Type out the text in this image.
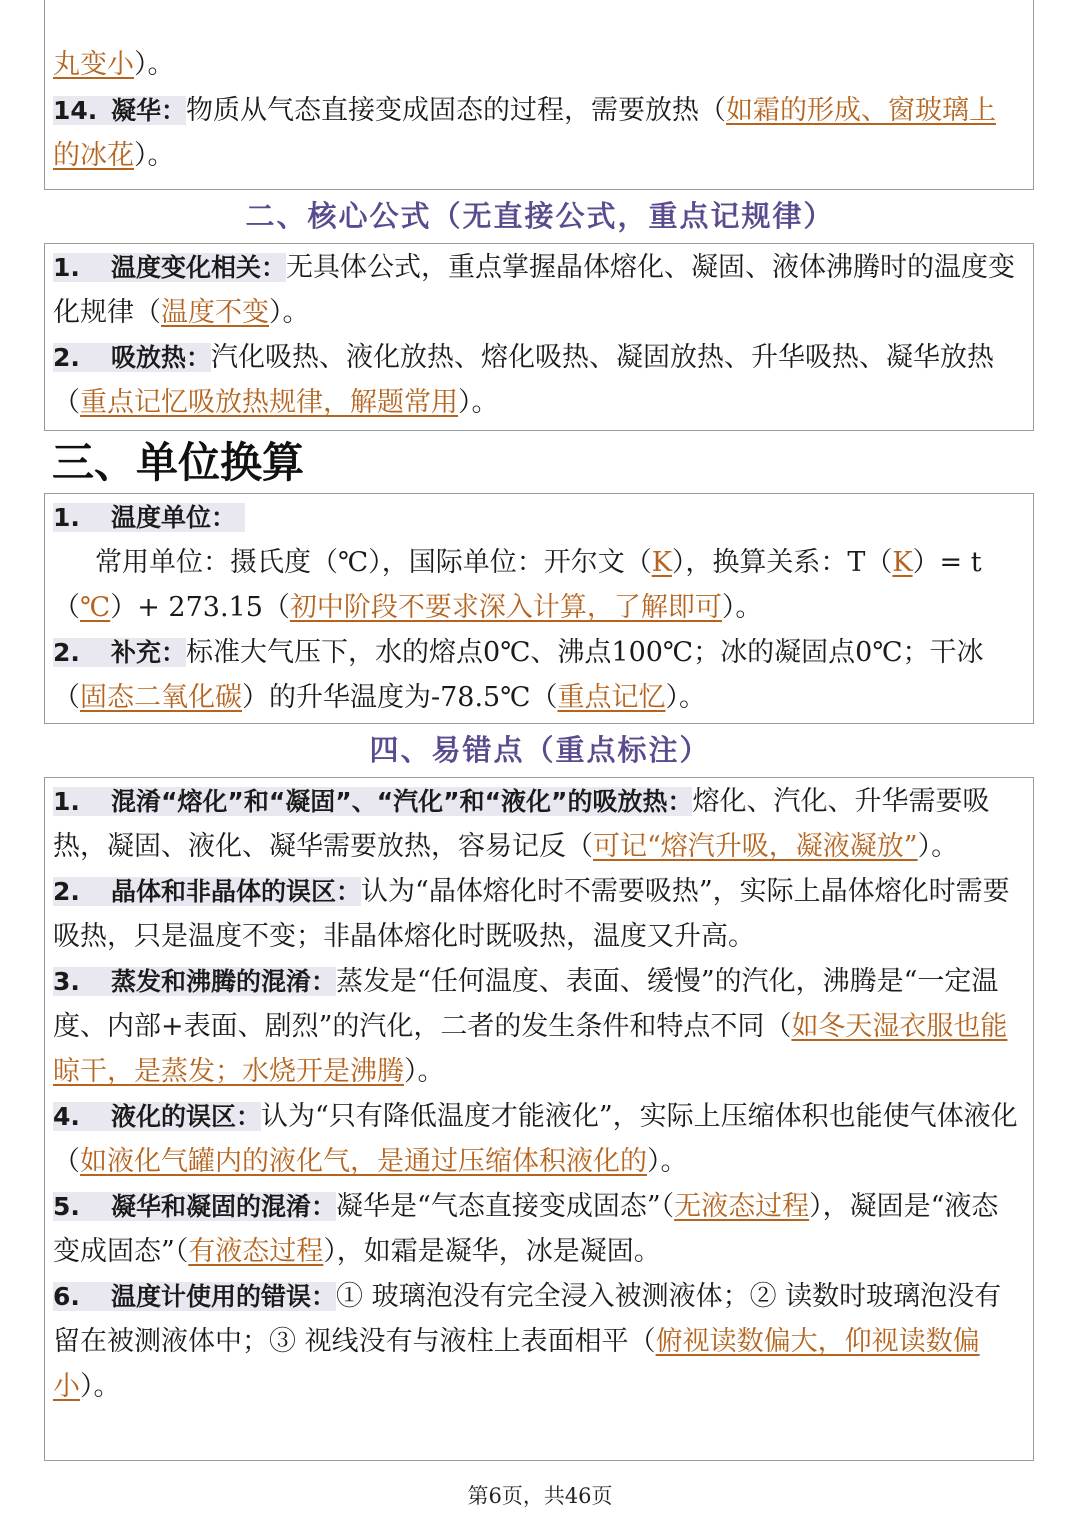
丸变小）。

14. 凝华：物质从气态直接变成固态的过程，需要放热（如霜的形成、窗玻璃上的冰花）。

二、核心公式（无直接公式，重点记规律）

1. 温度变化相关：无具体公式，重点掌握晶体熔化、凝固、液体沸腾时的温度变化规律（温度不变）。

2. 吸放热：汽化吸热、液化放热、熔化吸热、凝固放热、升华吸热、凝华放热（重点记忆吸放热规律，解题常用）。

三、单位换算

1. 温度单位：

常用单位：摄氏度（℃），国际单位：开尔文（K），换算关系：T（K）= t（℃）+ 273.15（初中阶段不要求深入计算，了解即可）。

2. 补充：标准大气压下，水的熔点0℃、沸点100℃；冰的凝固点0℃；干冰（固态二氧化碳）的升华温度为-78.5℃（重点记忆）。

四、易错点（重点标注）

1. 混淆“熔化”和“凝固”、“汽化”和“液化”的吸放热：熔化、汽化、升华需要吸热，凝固、液化、凝华需要放热，容易记反（可记“熔汽升吸，凝液凝放”）。

2. 晶体和非晶体的误区：认为“晶体熔化时不需要吸热”，实际上晶体熔化时需要吸热，只是温度不变；非晶体熔化时既吸热，温度又升高。

3. 蒸发和沸腾的混淆：蒸发是“任何温度、表面、缓慢”的汽化，沸腾是“一定温度、内部+表面、剧烈”的汽化，二者的发生条件和特点不同（如冬天湿衣服也能晾干，是蒸发；水烧开是沸腾）。

4. 液化的误区：认为“只有降低温度才能液化”，实际上压缩体积也能使气体液化（如液化气罐内的液化气，是通过压缩体积液化的）。

5. 凝华和凝固的混淆：凝华是“气态直接变成固态”（无液态过程），凝固是“液态变成固态”（有液态过程），如霜是凝华，冰是凝固。

6. 温度计使用的错误：① 玻璃泡没有完全浸入被测液体；② 读数时玻璃泡没有留在被测液体中；③ 视线没有与液柱上表面相平（俯视读数偏大，仰视读数偏小）。

第6页，共46页
